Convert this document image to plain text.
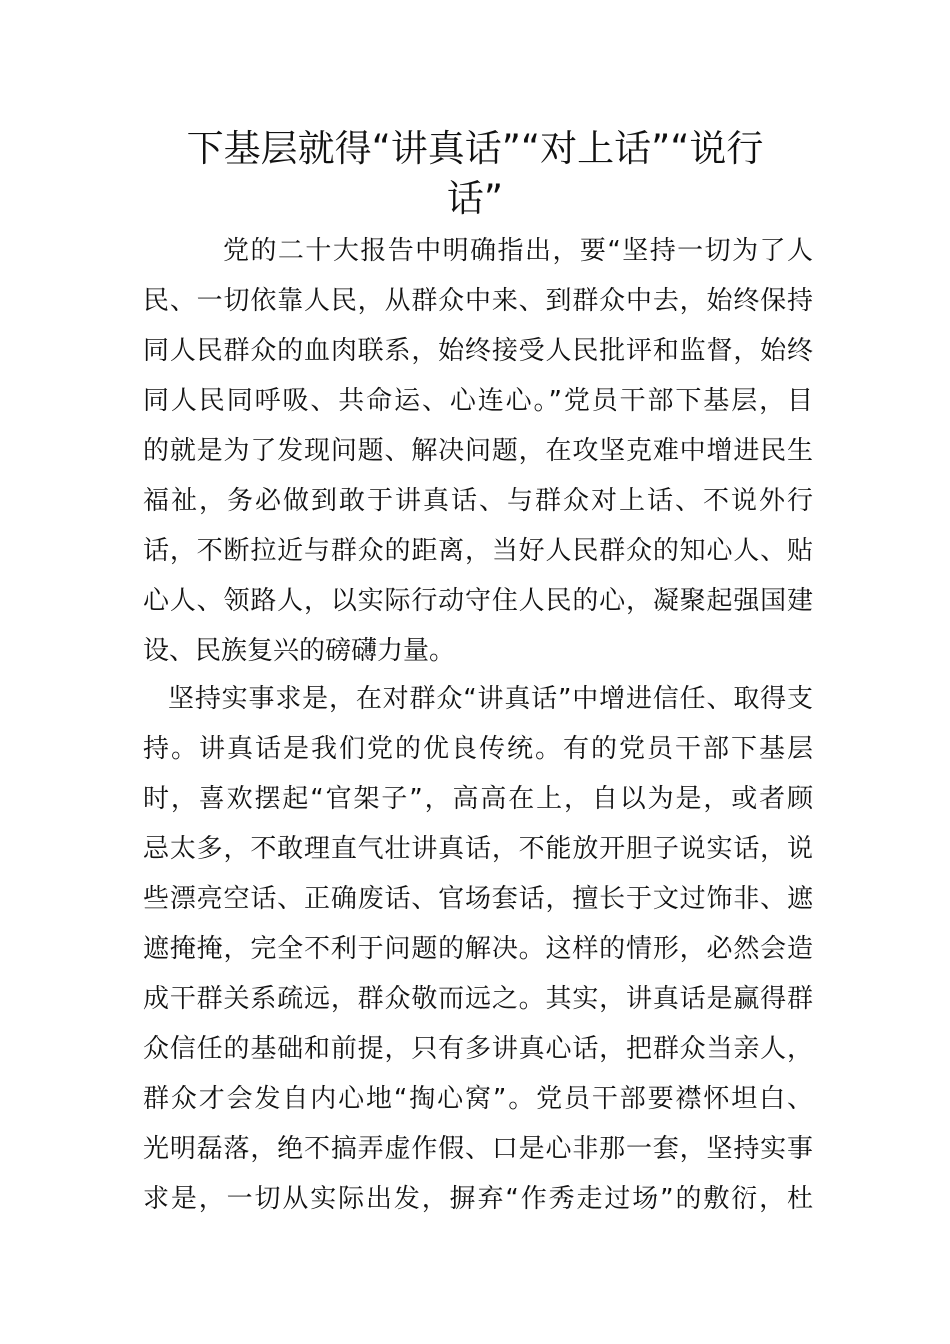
下基层就得“讲真话”“对上话”“说行
话”
党的二十大报告中明确指出，要“坚持一切为了人
民、一切依靠人民，从群众中来、到群众中去，始终保持
同人民群众的血肉联系，始终接受人民批评和监督，始终
同人民同呼吸、共命运、心连心。”党员干部下基层，目
的就是为了发现问题、解决问题，在攻坚克难中增进民生
福祉，务必做到敢于讲真话、与群众对上话、不说外行
话，不断拉近与群众的距离，当好人民群众的知心人、贴
心人、领路人，以实际行动守住人民的心，凝聚起强国建
设、民族复兴的磅礴力量。
坚持实事求是，在对群众“讲真话”中增进信任、取得支
持。讲真话是我们党的优良传统。有的党员干部下基层
时，喜欢摆起“官架子”，高高在上，自以为是，或者顾
忌太多，不敢理直气壮讲真话，不能放开胆子说实话，说
些漂亮空话、正确废话、官场套话，擅长于文过饰非、遮
遮掩掩，完全不利于问题的解决。这样的情形，必然会造
成干群关系疏远，群众敬而远之。其实，讲真话是赢得群
众信任的基础和前提，只有多讲真心话，把群众当亲人，
群众才会发自内心地“掏心窝”。党员干部要襟怀坦白、
光明磊落，绝不搞弄虚作假、口是心非那一套，坚持实事
求是，一切从实际出发，摒弃“作秀走过场”的敷衍，杜
